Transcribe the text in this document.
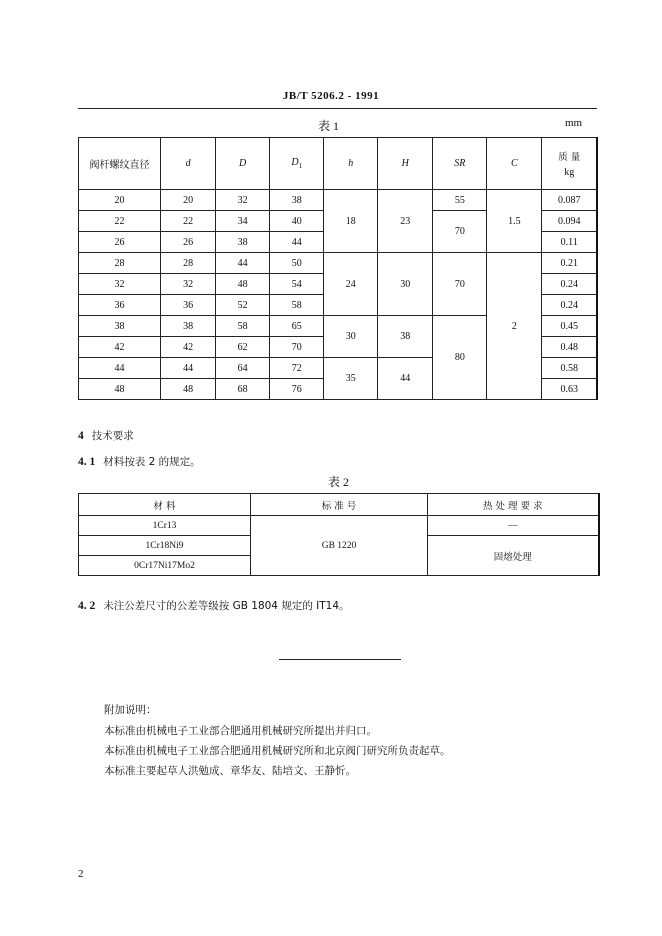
JB/T 5206.2 - 1991
表 1	mm
阀杆螺纹直径	d	D	$D_1$	h	H	SR	C	质 量
kg

20	20	32	38	18	23	55	1.5	0.087
22	22	34	40			70		0.094
26	26	38	44					0.11
28	28	44	50	24	30	70	2	0.21
32	32	48	54					0.24
36	36	52	58					0.24
38	38	58	65	30	38	80		0.45
42	42	62	70					0.48
44	44	64	72	35	44			0.58
48	48	68	76					0.63
4 技术要求
4. 1 材料按表 2 的规定。
表 2
材 料	标 准 号	热 处 理 要 求
1Cr13	GB 1220	—
1Cr18Ni9		固熔处理
0Cr17Ni17Mo2		
4. 2 未注公差尺寸的公差等级按 GB 1804 规定的 IT14。
附加说明：
本标准由机械电子工业部合肥通用机械研究所提出并归口。
本标准由机械电子工业部合肥通用机械研究所和北京阀门研究所负责起草。
本标准主要起草人洪勉成、章华友、陆培文、王静忻。
2
